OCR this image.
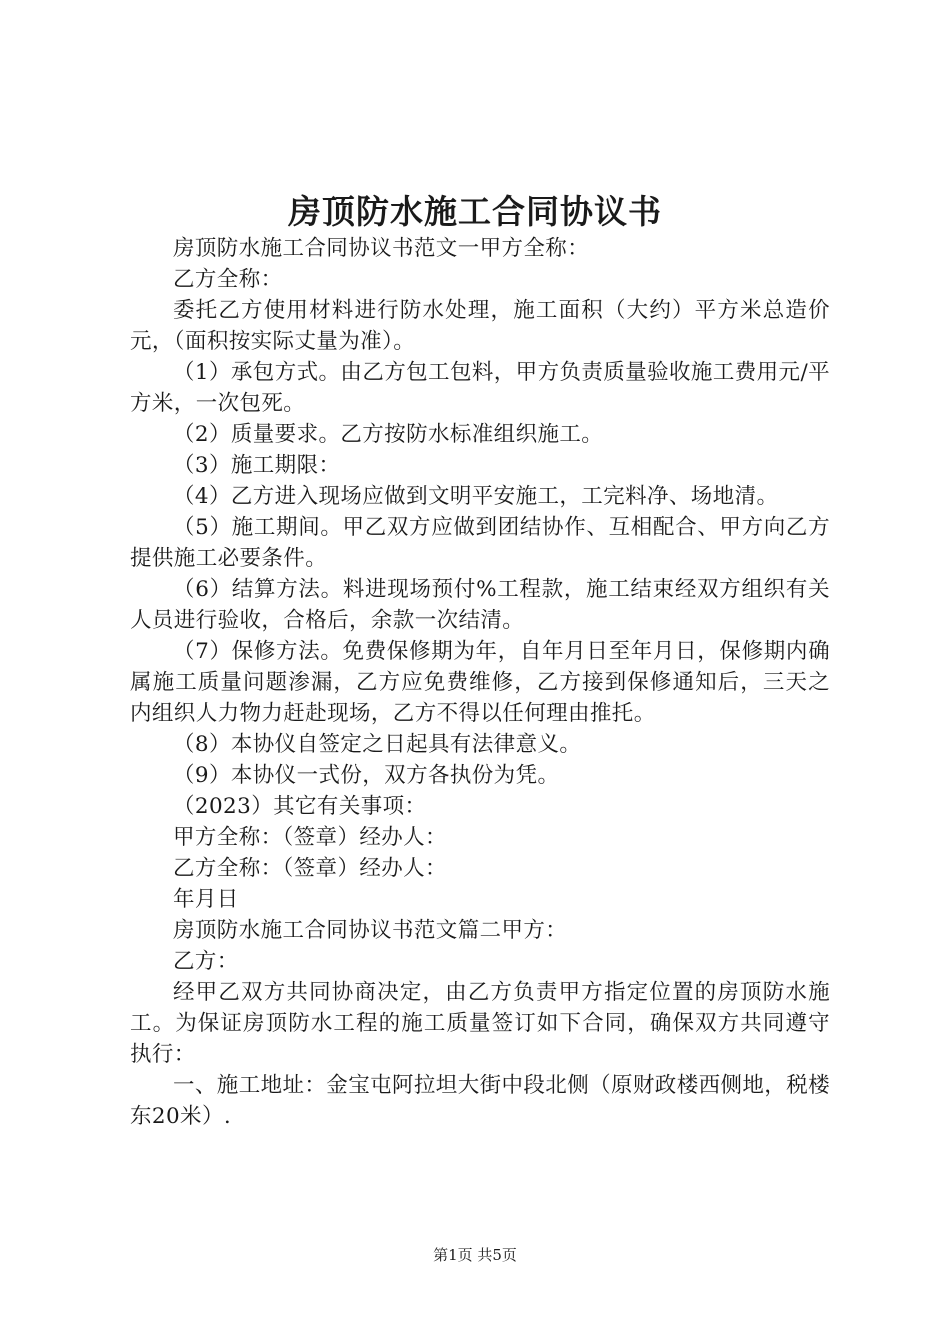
房顶防水施工合同协议书

房顶防水施工合同协议书范文一甲方全称：

乙方全称：

委托乙方使用材料进行防水处理，施工面积（大约）平方米总造价元，（面积按实际丈量为准）。

（1）承包方式。由乙方包工包料，甲方负责质量验收施工费用元/平方米，一次包死。

（2）质量要求。乙方按防水标准组织施工。

（3）施工期限：

（4）乙方进入现场应做到文明平安施工，工完料净、场地清。

（5）施工期间。甲乙双方应做到团结协作、互相配合、甲方向乙方提供施工必要条件。

（6）结算方法。料进现场预付%工程款，施工结束经双方组织有关人员进行验收，合格后，余款一次结清。

（7）保修方法。免费保修期为年，自年月日至年月日，保修期内确属施工质量问题渗漏，乙方应免费维修，乙方接到保修通知后，三天之内组织人力物力赶赴现场，乙方不得以任何理由推托。

（8）本协仪自签定之日起具有法律意义。

（9）本协仪一式份，双方各执份为凭。

（2023）其它有关事项：

甲方全称：（签章）经办人：

乙方全称：（签章）经办人：

年月日

房顶防水施工合同协议书范文篇二甲方：

乙方：

经甲乙双方共同协商决定，由乙方负责甲方指定位置的房顶防水施工。为保证房顶防水工程的施工质量签订如下合同，确保双方共同遵守执行：

一、施工地址：金宝屯阿拉坦大街中段北侧（原财政楼西侧地，税楼东20米）.

第1页 共5页
